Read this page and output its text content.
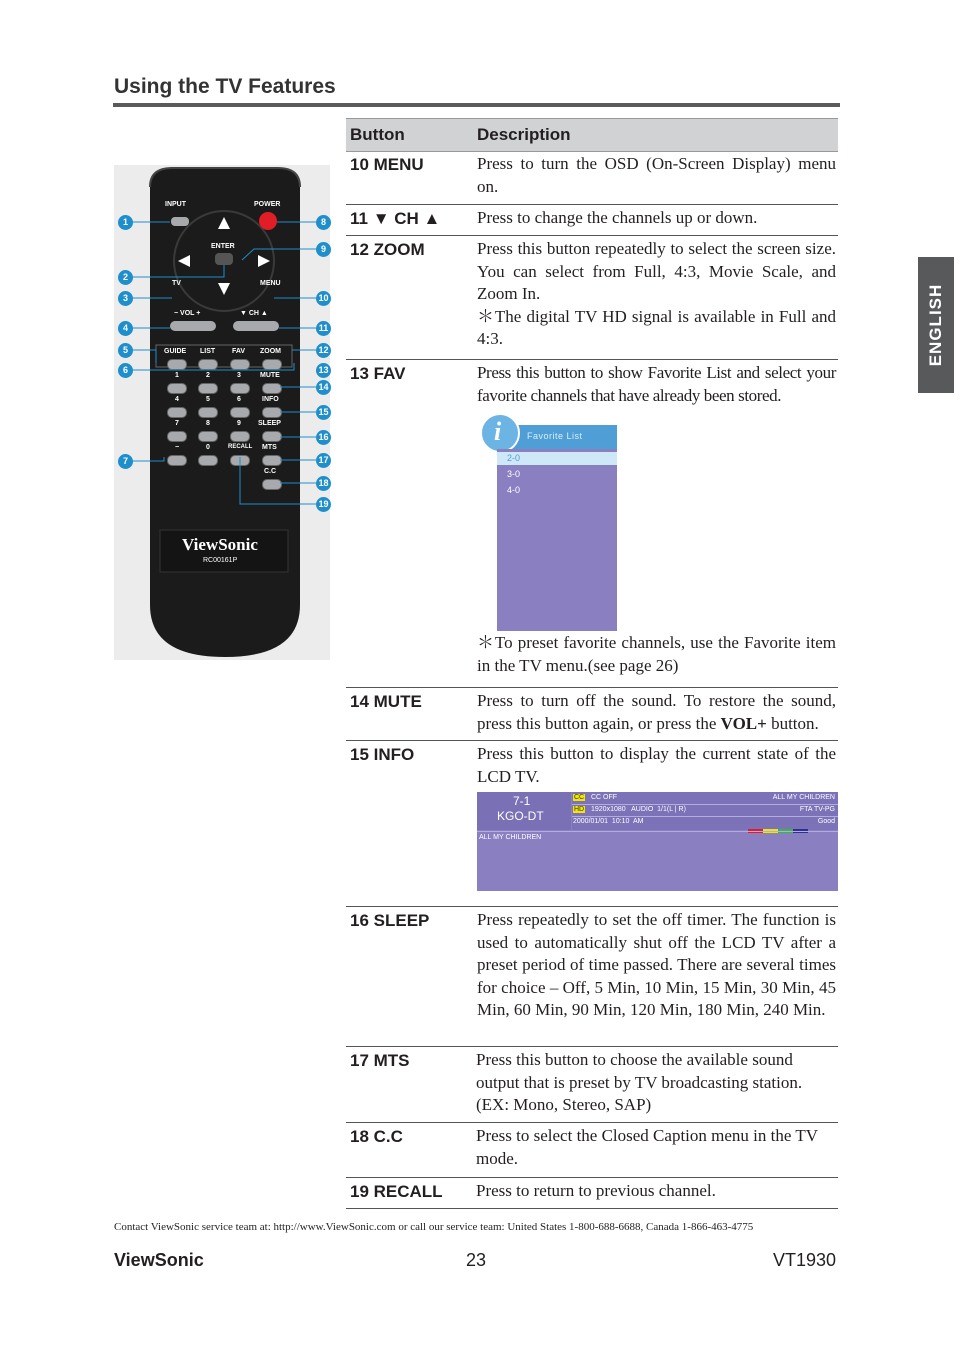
Using the TV Features
ENGLISH
INPUT	POWER
ENTER
TV	MENU
− VOL +	▼ CH ▲
GUIDE LIST FAV ZOOM
1	2	3
4	5	6
7	8	9
−	0	RECALL
MUTE
INFO
SLEEP
MTS
C.C
ViewSonic
RC00161P
1
2
3
4
5
6
7
8
9
10
11
12
13
14
15
16
17
18
19
Button	Description
10 MENU	Press to turn the OSD (On-Screen Display) menu on.
11 ▼ CH ▲ Press to change the channels up or down.
12 ZOOM	Press this button repeatedly to select the screen size. You can select from Full, 4:3, Movie Scale, and Zoom In.
＊The digital TV HD signal is available in Full and 4:3.
13 FAV	Press this button to show Favorite List and select your favorite channels that have already been stored.
Favorite List
i
2-0
3-0
4-0
＊To preset favorite channels, use the Favorite item in the TV menu.(see page 26)
14 MUTE	Press to turn off the sound. To restore the sound, press this button again, or press the VOL+ button.
15 INFO	Press this button to display the current state of the LCD TV.
7-1
KGO-DT
CC CC OFF	ALL MY CHILDREN
HD 1920x1080   AUDIO  1/1(L | R)	FTA TV-PG
2000/01/01  10:10  AM	Good
ALL MY CHILDREN
16 SLEEP	Press repeatedly to set the off timer. The function is used to automatically shut off the LCD TV after a preset period of time passed. There are several times for choice – Off, 5 Min, 10 Min, 15 Min, 30 Min, 45 Min, 60 Min, 90 Min, 120 Min, 180 Min, 240 Min.
17 MTS	Press this button to choose the available sound output that is preset by TV broadcasting station. (EX: Mono, Stereo, SAP)
18 C.C	Press to select the Closed Caption menu in the TV mode.
19 RECALL Press to return to previous channel.
Contact ViewSonic service team at: http://www.ViewSonic.com or call our service team: United States 1-800-688-6688, Canada 1-866-463-4775
ViewSonic	23	VT1930
